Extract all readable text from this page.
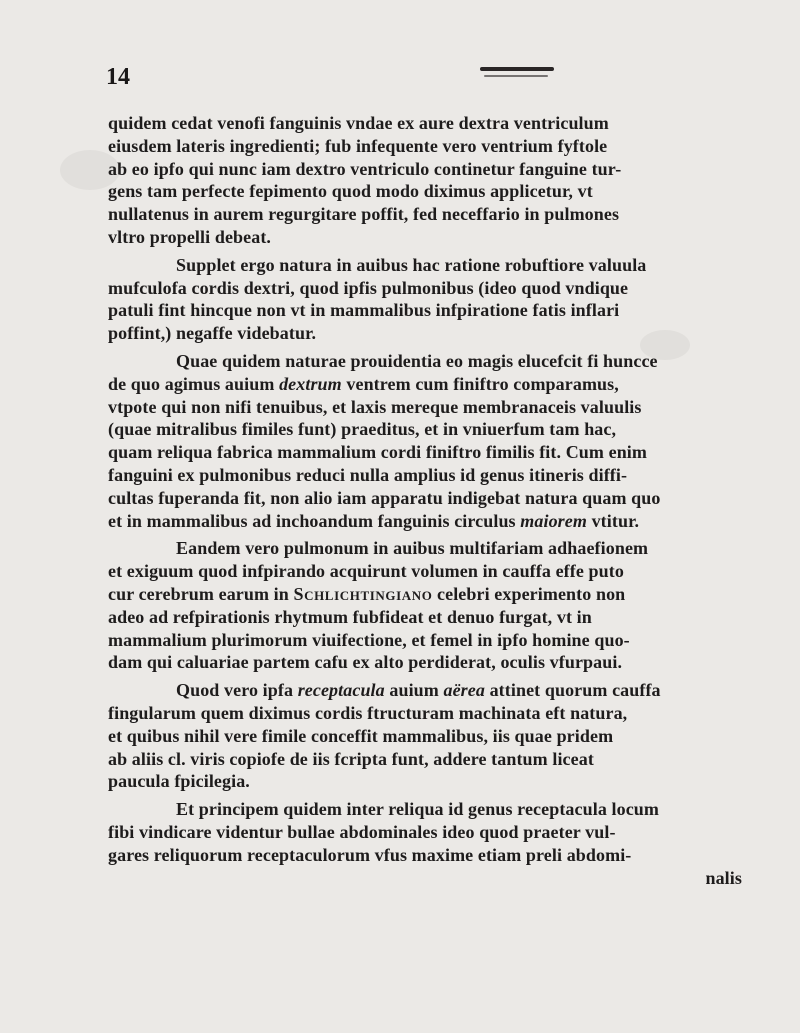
14
quidem cedat venofi fanguinis vndae ex aure dextra ventriculum
eiusdem lateris ingredienti; fub infequente vero ventrium fyftole
ab eo ipfo qui nunc iam dextro ventriculo continetur fanguine tur-
gens tam perfecte fepimento quod modo diximus applicetur, vt
nullatenus in aurem regurgitare poffit, fed neceffario in pulmones
vltro propelli debeat.
Supplet ergo natura in auibus hac ratione robuftiore valuula
mufculofa cordis dextri, quod ipfis pulmonibus (ideo quod vndique
patuli fint hincque non vt in mammalibus infpiratione fatis inflari
poffint,) negaffe videbatur.
Quae quidem naturae prouidentia eo magis elucefcit fi huncce
de quo agimus auium dextrum ventrem cum finiftro comparamus,
vtpote qui non nifi tenuibus, et laxis mereque membranaceis valuulis
(quae mitralibus fimiles funt) praeditus, et in vniuerfum tam hac,
quam reliqua fabrica mammalium cordi finiftro fimilis fit. Cum enim
fanguini ex pulmonibus reduci nulla amplius id genus itineris diffi-
cultas fuperanda fit, non alio iam apparatu indigebat natura quam quo
et in mammalibus ad inchoandum fanguinis circulus maiorem vtitur.
Eandem vero pulmonum in auibus multifariam adhaefionem
et exiguum quod infpirando acquirunt volumen in cauffa effe puto
cur cerebrum earum in Schlichtingiano celebri experimento non
adeo ad refpirationis rhytmum fubfideat et denuo furgat, vt in
mammalium plurimorum viuifectione, et femel in ipfo homine quo-
dam qui caluariae partem cafu ex alto perdiderat, oculis vfurpaui.
Quod vero ipfa receptacula auium aërea attinet quorum cauffa
fingularum quem diximus cordis ftructuram machinata eft natura,
et quibus nihil vere fimile conceffit mammalibus, iis quae pridem
ab aliis cl. viris copiofe de iis fcripta funt, addere tantum liceat
paucula fpicilegia.
Et principem quidem inter reliqua id genus receptacula locum
fibi vindicare videntur bullae abdominales ideo quod praeter vul-
gares reliquorum receptaculorum vfus maxime etiam preli abdomi-
nalis
